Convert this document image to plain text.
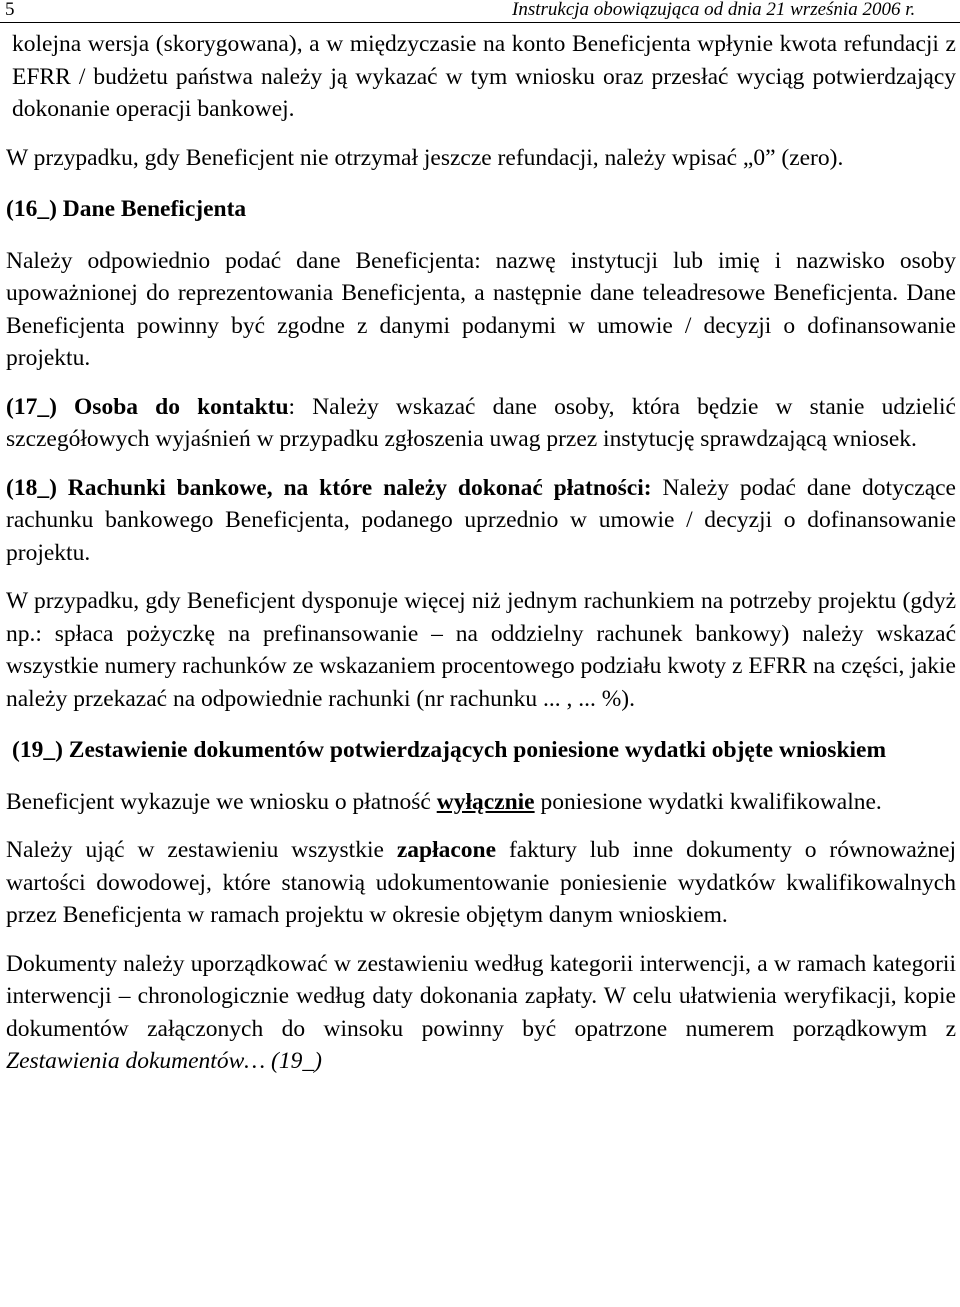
5	Instrukcja obowiązująca od dnia 21 września 2006 r.

kolejna wersja (skorygowana), a w międzyczasie na konto Beneficjenta wpłynie kwota refundacji z EFRR / budżetu państwa należy ją wykazać w tym wniosku oraz przesłać wyciąg potwierdzający dokonanie operacji bankowej.

W przypadku, gdy Beneficjent nie otrzymał jeszcze refundacji, należy wpisać „0” (zero).

(16_) Dane Beneficjenta

Należy odpowiednio podać dane Beneficjenta: nazwę instytucji lub imię i nazwisko osoby upoważnionej do reprezentowania Beneficjenta, a następnie dane teleadresowe Beneficjenta. Dane Beneficjenta powinny być zgodne z danymi podanymi w umowie / decyzji o dofinansowanie projektu.

(17_) Osoba do kontaktu: Należy wskazać dane osoby, która będzie w stanie udzielić szczegółowych wyjaśnień w przypadku zgłoszenia uwag przez instytucję sprawdzającą wniosek.

(18_) Rachunki bankowe, na które należy dokonać płatności: Należy podać dane dotyczące rachunku bankowego Beneficjenta, podanego uprzednio w umowie / decyzji o dofinansowanie projektu.

W przypadku, gdy Beneficjent dysponuje więcej niż jednym rachunkiem na potrzeby projektu (gdyż np.: spłaca pożyczkę na prefinansowanie – na oddzielny rachunek bankowy) należy wskazać wszystkie numery rachunków ze wskazaniem procentowego podziału kwoty z EFRR na części, jakie należy przekazać na odpowiednie rachunki (nr rachunku ... , ... %).

(19_) Zestawienie dokumentów potwierdzających poniesione wydatki objęte wnioskiem

Beneficjent wykazuje we wniosku o płatność wyłącznie poniesione wydatki kwalifikowalne.

Należy ująć w zestawieniu wszystkie zapłacone faktury lub inne dokumenty o równoważnej wartości dowodowej, które stanowią udokumentowanie poniesienie wydatków kwalifikowalnych przez Beneficjenta w ramach projektu w okresie objętym danym wnioskiem.

Dokumenty należy uporządkować w zestawieniu według kategorii interwencji, a w ramach kategorii interwencji – chronologicznie według daty dokonania zapłaty. W celu ułatwienia weryfikacji, kopie dokumentów załączonych do winsoku powinny być opatrzone numerem porządkowym z Zestawienia dokumentów… (19_)
